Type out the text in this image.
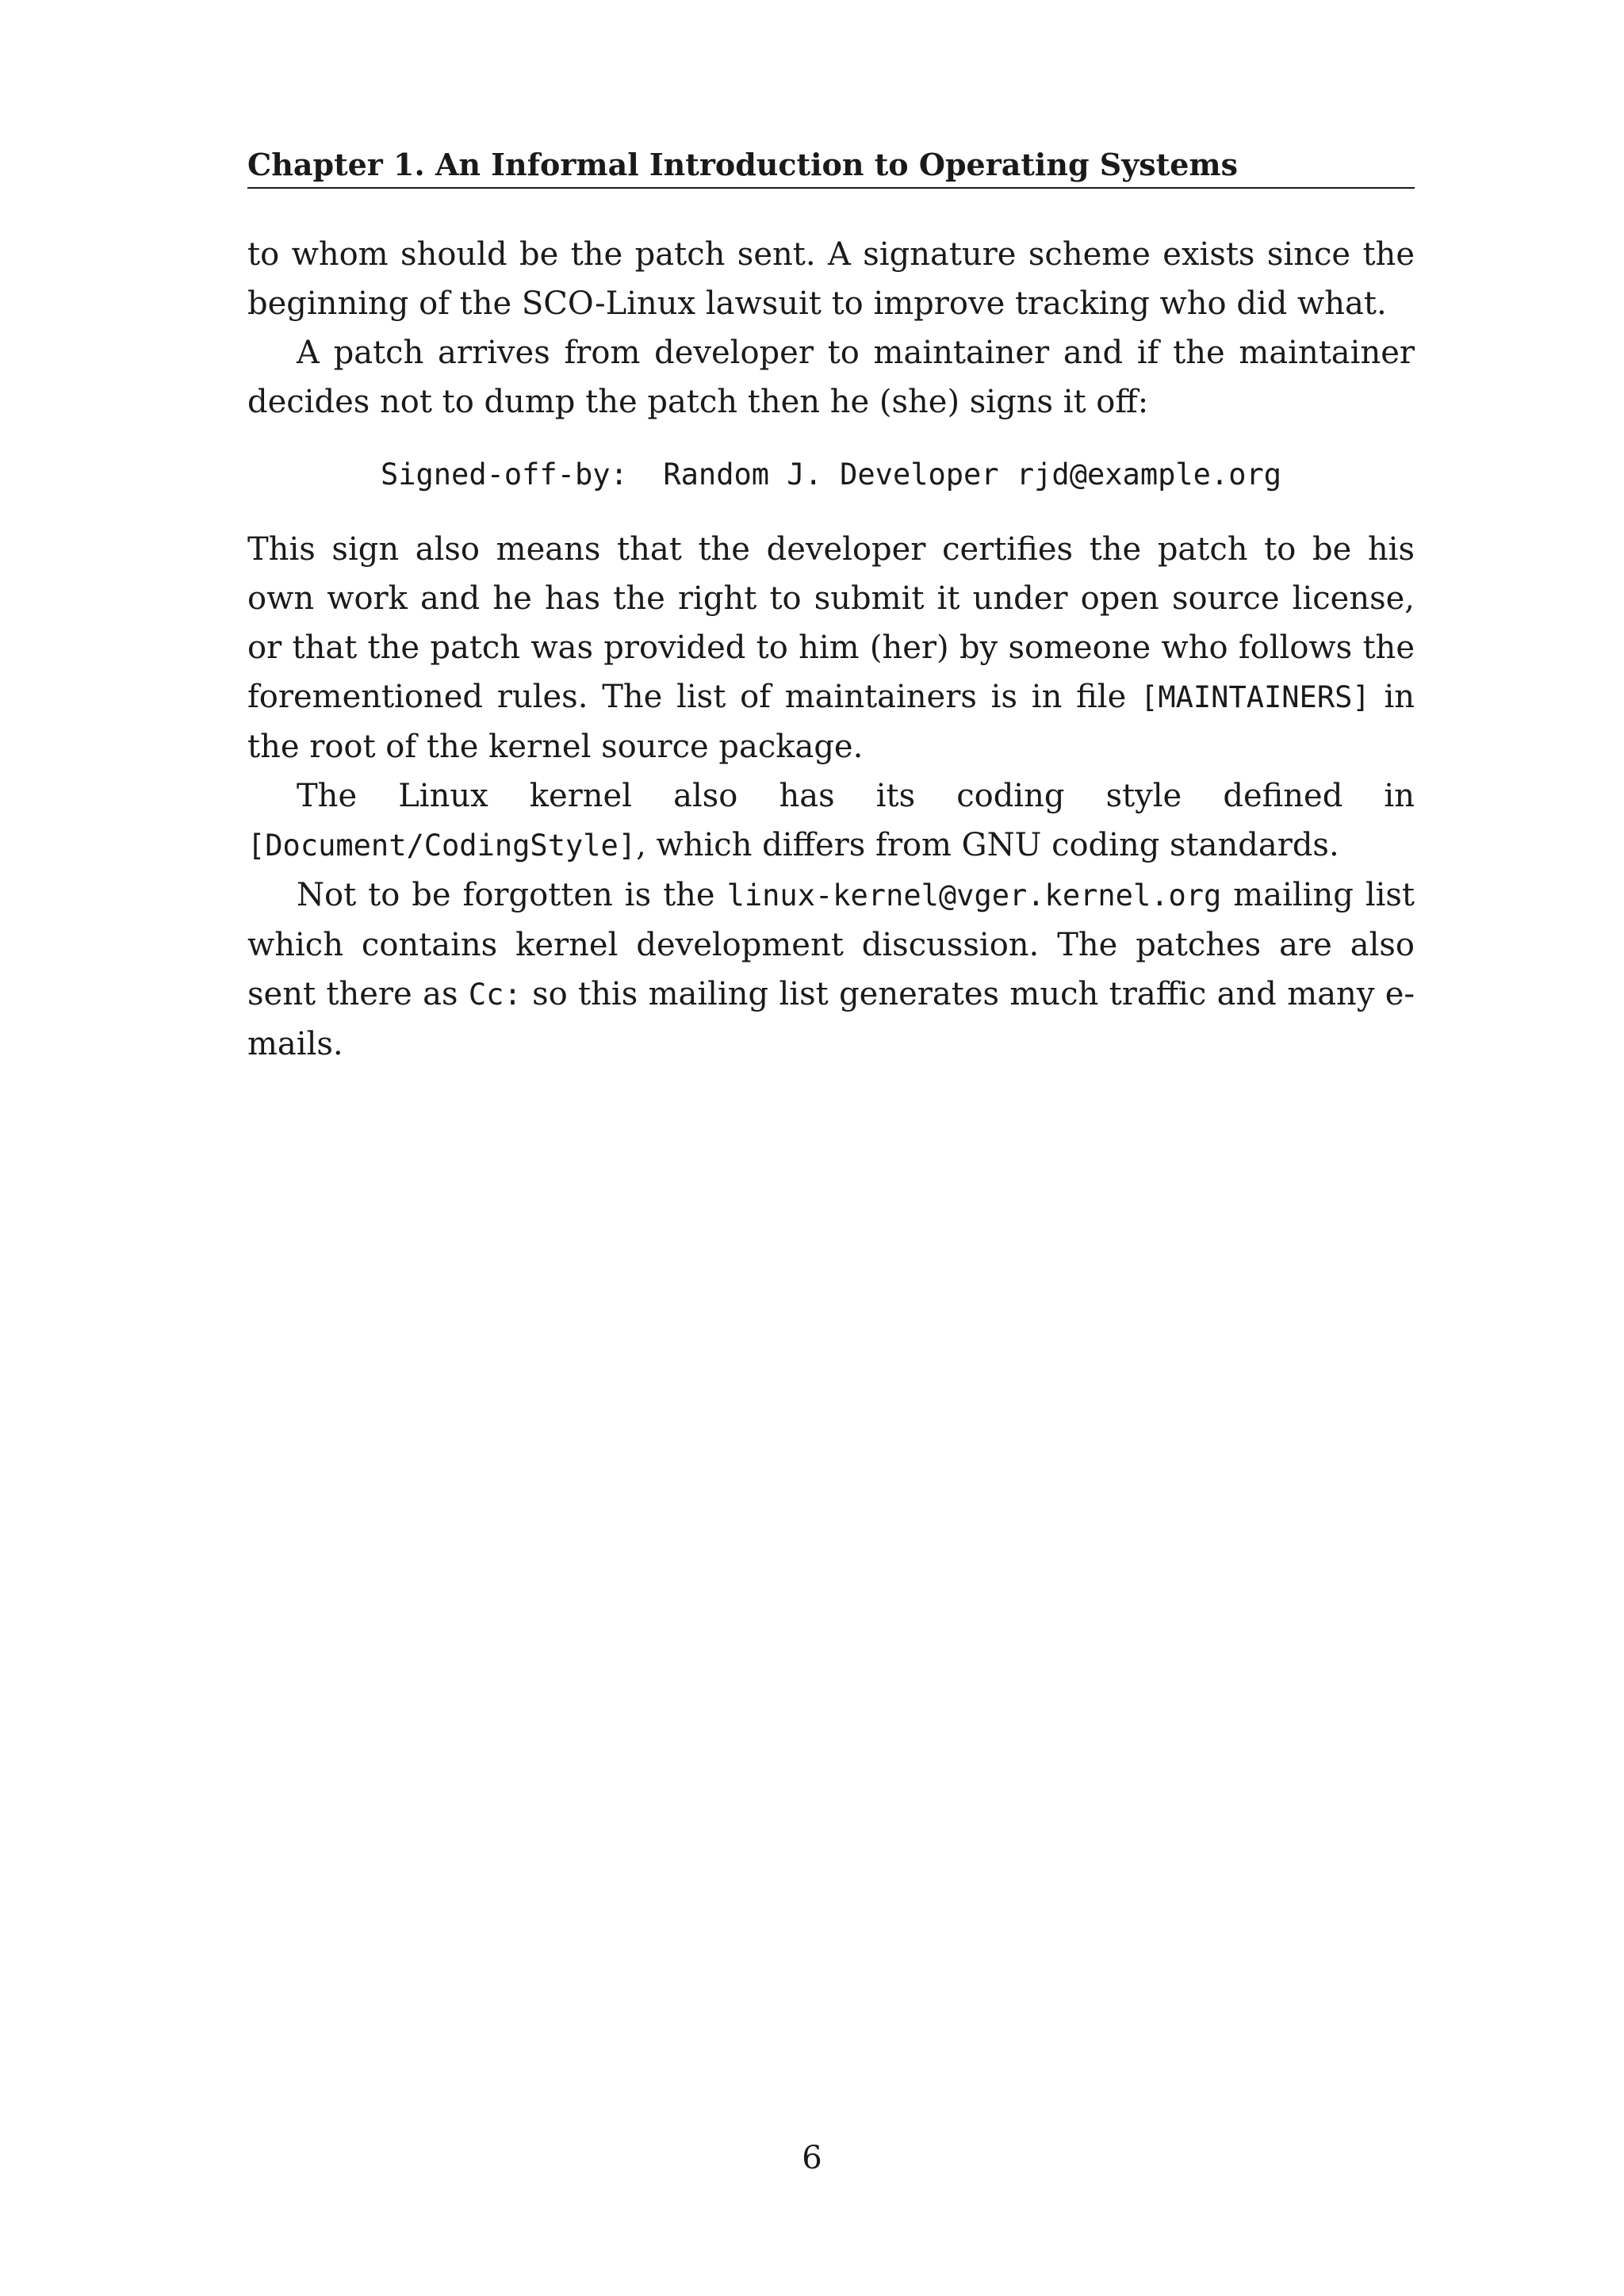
Chapter 1. An Informal Introduction to Operating Systems

to whom should be the patch sent. A signature scheme exists since the beginning of the SCO-Linux lawsuit to improve tracking who did what.

A patch arrives from developer to maintainer and if the maintainer decides not to dump the patch then he (she) signs it off:

Signed-off-by:  Random J. Developer rjd@example.org

This sign also means that the developer certifies the patch to be his own work and he has the right to submit it under open source license, or that the patch was provided to him (her) by someone who follows the forementioned rules. The list of maintainers is in file [MAINTAINERS] in the root of the kernel source package.

The Linux kernel also has its coding style defined in [Document/CodingStyle], which differs from GNU coding standards.

Not to be forgotten is the linux-kernel@vger.kernel.org mailing list which contains kernel development discussion. The patches are also sent there as Cc: so this mailing list generates much traffic and many e-mails.

6
